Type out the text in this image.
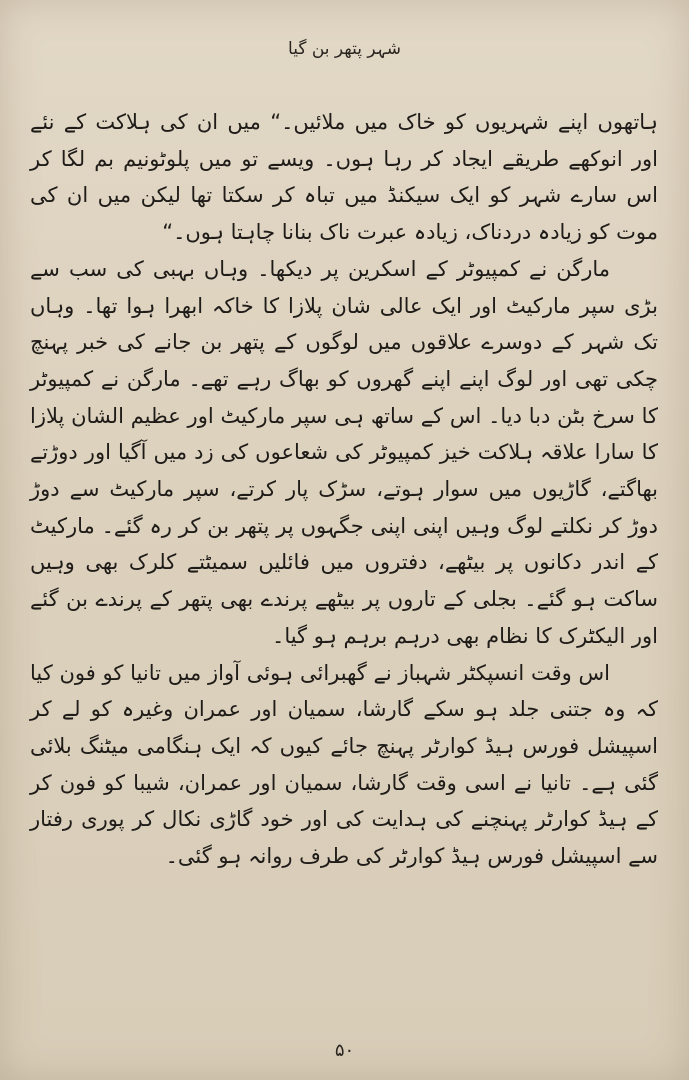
شہر پتھر بن گیا

ہاتھوں اپنے شہریوں کو خاک میں ملائیں۔“ میں ان کی ہلاکت کے نئے اور انوکھے طریقے ایجاد کر رہا ہوں۔ ویسے تو میں پلوٹونیم بم لگا کر اس سارے شہر کو ایک سیکنڈ میں تباہ کر سکتا تھا لیکن میں ان کی موت کو زیادہ دردناک، زیادہ عبرت ناک بنانا چاہتا ہوں۔“

مارگن نے کمپیوٹر کے اسکرین پر دیکھا۔ وہاں بہبی کی سب سے بڑی سپر مارکیٹ اور ایک عالی شان پلازا کا خاکہ ابھرا ہوا تھا۔ وہاں تک شہر کے دوسرے علاقوں میں لوگوں کے پتھر بن جانے کی خبر پہنچ چکی تھی اور لوگ اپنے اپنے گھروں کو بھاگ رہے تھے۔ مارگن نے کمپیوٹر کا سرخ بٹن دبا دیا۔ اس کے ساتھ ہی سپر مارکیٹ اور عظیم الشان پلازا کا سارا علاقہ ہلاکت خیز کمپیوٹر کی شعاعوں کی زد میں آگیا اور دوڑتے بھاگتے، گاڑیوں میں سوار ہوتے، سڑک پار کرتے، سپر مارکیٹ سے دوڑ دوڑ کر نکلتے لوگ وہیں اپنی اپنی جگہوں پر پتھر بن کر رہ گئے۔ مارکیٹ کے اندر دکانوں پر بیٹھے، دفتروں میں فائلیں سمیٹتے کلرک بھی وہیں ساکت ہو گئے۔ بجلی کے تاروں پر بیٹھے پرندے بھی پتھر کے پرندے بن گئے اور الیکٹرک کا نظام بھی درہم برہم ہو گیا۔

اس وقت انسپکٹر شہباز نے گھبرائی ہوئی آواز میں تانیا کو فون کیا کہ وہ جتنی جلد ہو سکے گارشا، سمیان اور عمران وغیرہ کو لے کر اسپیشل فورس ہیڈ کوارٹر پہنچ جائے کیوں کہ ایک ہنگامی میٹنگ بلائی گئی ہے۔ تانیا نے اسی وقت گارشا، سمیان اور عمران، شیبا کو فون کر کے ہیڈ کوارٹر پہنچنے کی ہدایت کی اور خود گاڑی نکال کر پوری رفتار سے اسپیشل فورس ہیڈ کوارٹر کی طرف روانہ ہو گئی۔

۵۰
